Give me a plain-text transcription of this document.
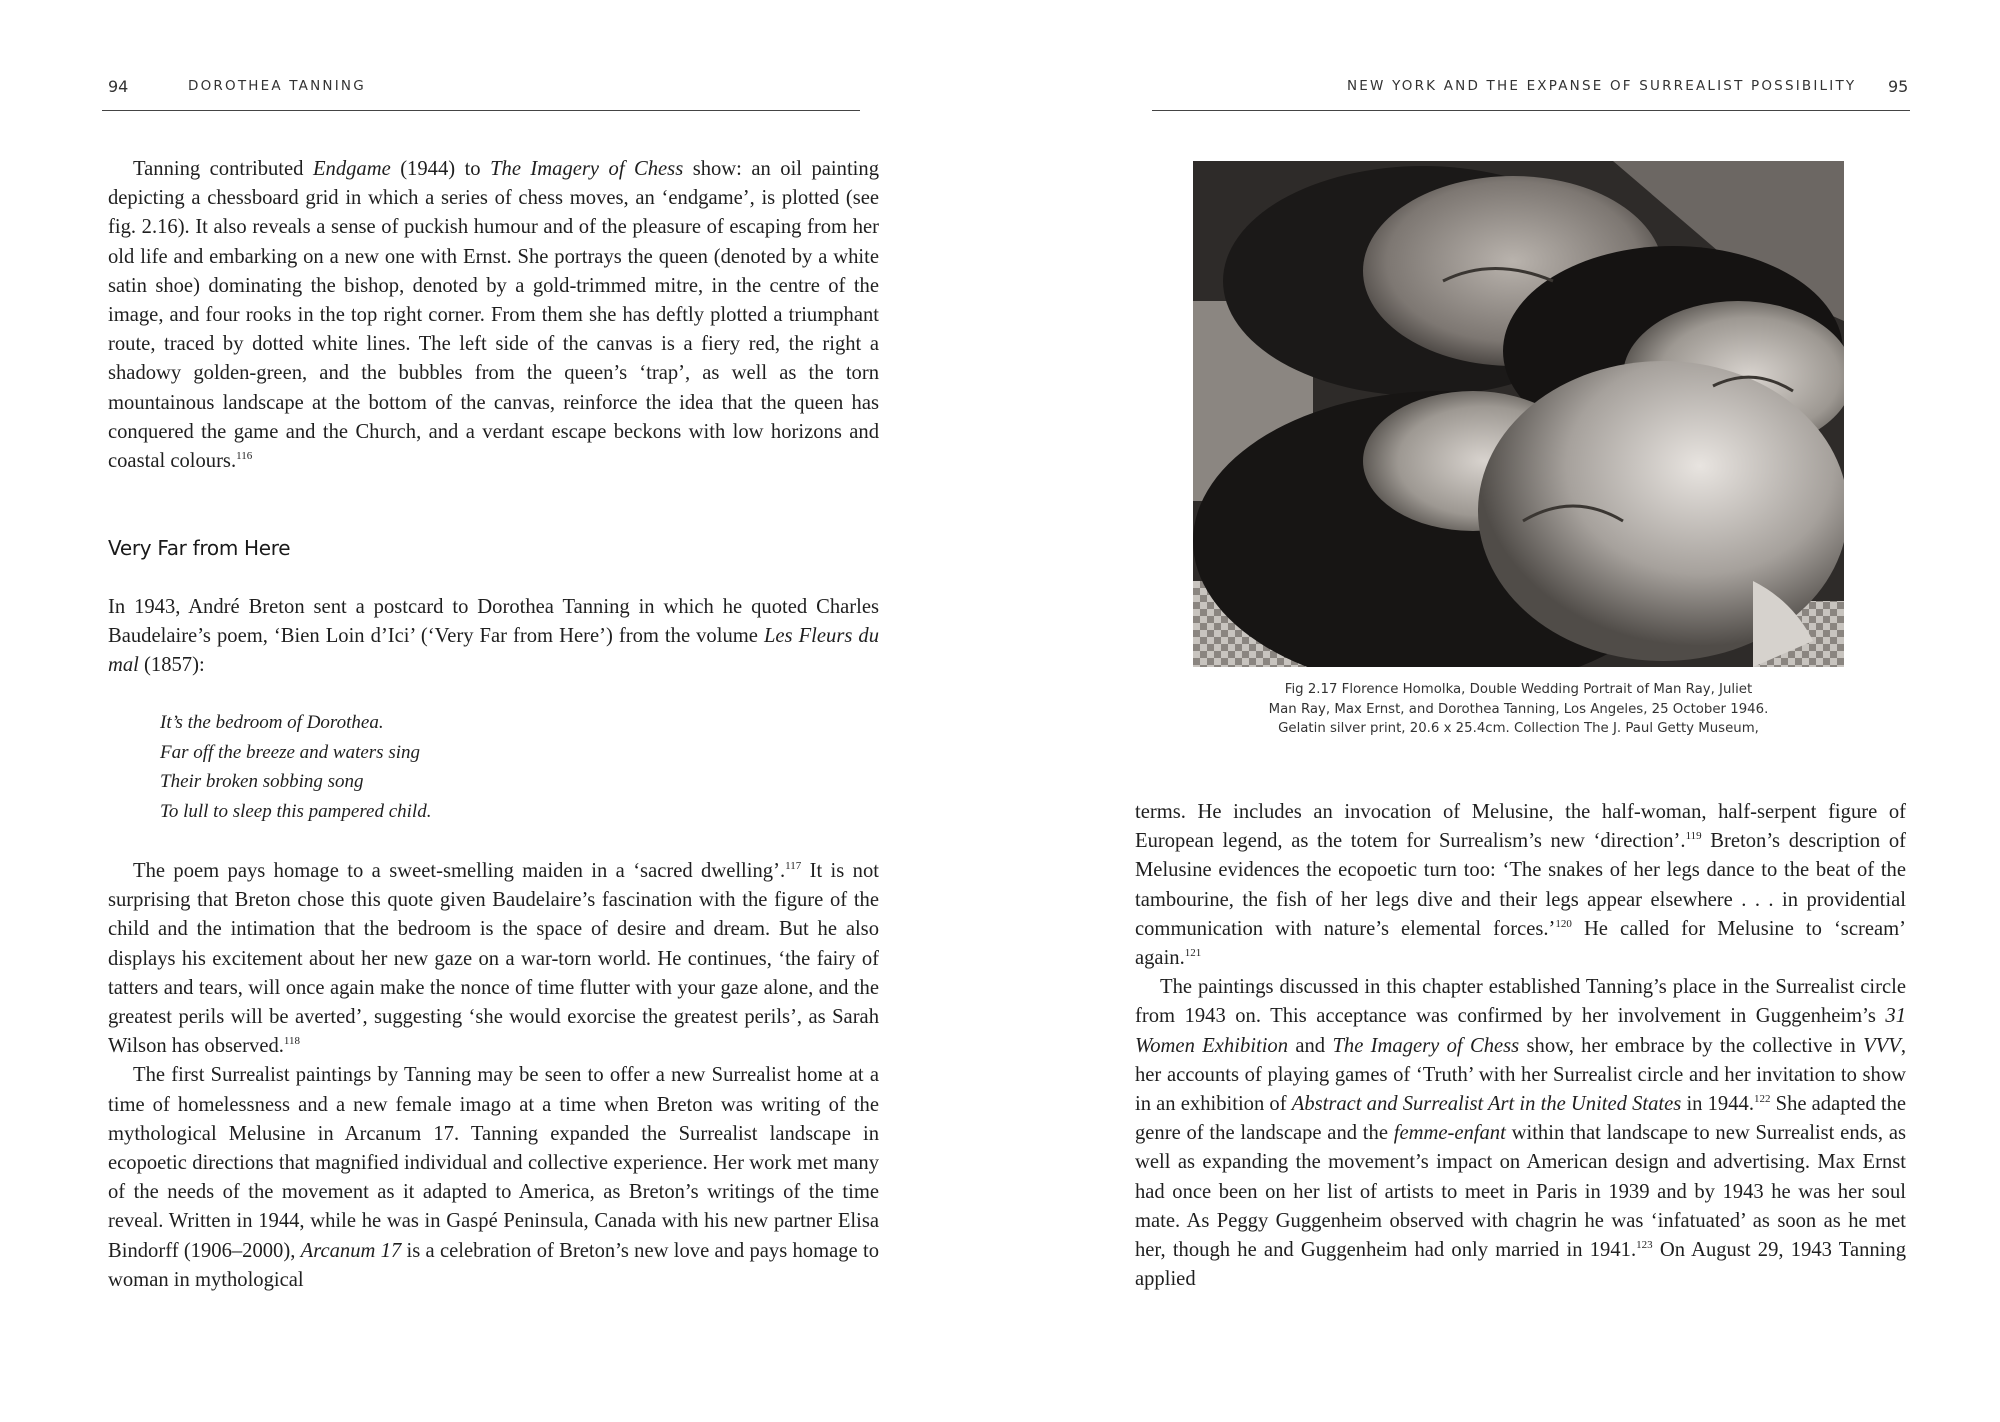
94	DOROTHEA TANNING

Tanning contributed Endgame (1944) to The Imagery of Chess show: an oil painting depicting a chessboard grid in which a series of chess moves, an ‘endgame’, is plotted (see fig. 2.16). It also reveals a sense of puckish humour and of the pleasure of escaping from her old life and embarking on a new one with Ernst. She portrays the queen (denoted by a white satin shoe) dominating the bishop, denoted by a gold-trimmed mitre, in the centre of the image, and four rooks in the top right corner. From them she has deftly plotted a triumphant route, traced by dotted white lines. The left side of the canvas is a fiery red, the right a shadowy golden-green, and the bubbles from the queen’s ‘trap’, as well as the torn mountainous landscape at the bottom of the canvas, reinforce the idea that the queen has conquered the game and the Church, and a verdant escape beckons with low horizons and coastal colours.$^{116}$

Very Far from Here

In 1943, André Breton sent a postcard to Dorothea Tanning in which he quoted Charles Baudelaire’s poem, ‘Bien Loin d’Ici’ (‘Very Far from Here’) from the volume Les Fleurs du mal (1857):

It’s the bedroom of Dorothea.
Far off the breeze and waters sing
Their broken sobbing song
To lull to sleep this pampered child.

The poem pays homage to a sweet-smelling maiden in a ‘sacred dwelling’.$^{117}$ It is not surprising that Breton chose this quote given Baudelaire’s fascination with the figure of the child and the intimation that the bedroom is the space of desire and dream. But he also displays his excitement about her new gaze on a war-torn world. He continues, ‘the fairy of tatters and tears, will once again make the nonce of time flutter with your gaze alone, and the greatest perils will be averted’, suggesting ‘she would exorcise the greatest perils’, as Sarah Wilson has observed.$^{118}$

The first Surrealist paintings by Tanning may be seen to offer a new Surrealist home at a time of homelessness and a new female imago at a time when Breton was writing of the mythological Melusine in Arcanum 17. Tanning expanded the Surrealist landscape in ecopoetic directions that magnified individual and collective experience. Her work met many of the needs of the movement as it adapted to America, as Breton’s writings of the time reveal. Written in 1944, while he was in Gaspé Peninsula, Canada with his new partner Elisa Bindorff (1906–2000), Arcanum 17 is a celebration of Breton’s new love and pays homage to woman in mythological

NEW YORK AND THE EXPANSE OF SURREALIST POSSIBILITY 95
Fig 2.17 Florence Homolka, Double Wedding Portrait of Man Ray, Juliet
Man Ray, Max Ernst, and Dorothea Tanning, Los Angeles, 25 October 1946.
Gelatin silver print, 20.6 x 25.4cm. Collection The J. Paul Getty Museum,

terms. He includes an invocation of Melusine, the half-woman, half-serpent figure of European legend, as the totem for Surrealism’s new ‘direction’.$^{119}$ Breton’s description of Melusine evidences the ecopoetic turn too: ‘The snakes of her legs dance to the beat of the tambourine, the fish of her legs dive and their legs appear elsewhere . . . in providential communication with nature’s elemental forces.’$^{120}$ He called for Melusine to ‘scream’ again.$^{121}$

The paintings discussed in this chapter established Tanning’s place in the Surrealist circle from 1943 on. This acceptance was confirmed by her involvement in Guggenheim’s 31 Women Exhibition and The Imagery of Chess show, her embrace by the collective in VVV, her accounts of playing games of ‘Truth’ with her Surrealist circle and her invitation to show in an exhibition of Abstract and Surrealist Art in the United States in 1944.$^{122}$ She adapted the genre of the landscape and the femme-enfant within that landscape to new Surrealist ends, as well as expanding the movement’s impact on American design and advertising. Max Ernst had once been on her list of artists to meet in Paris in 1939 and by 1943 he was her soul mate. As Peggy Guggenheim observed with chagrin he was ‘infatuated’ as soon as he met her, though he and Guggenheim had only married in 1941.$^{123}$ On August 29, 1943 Tanning applied
